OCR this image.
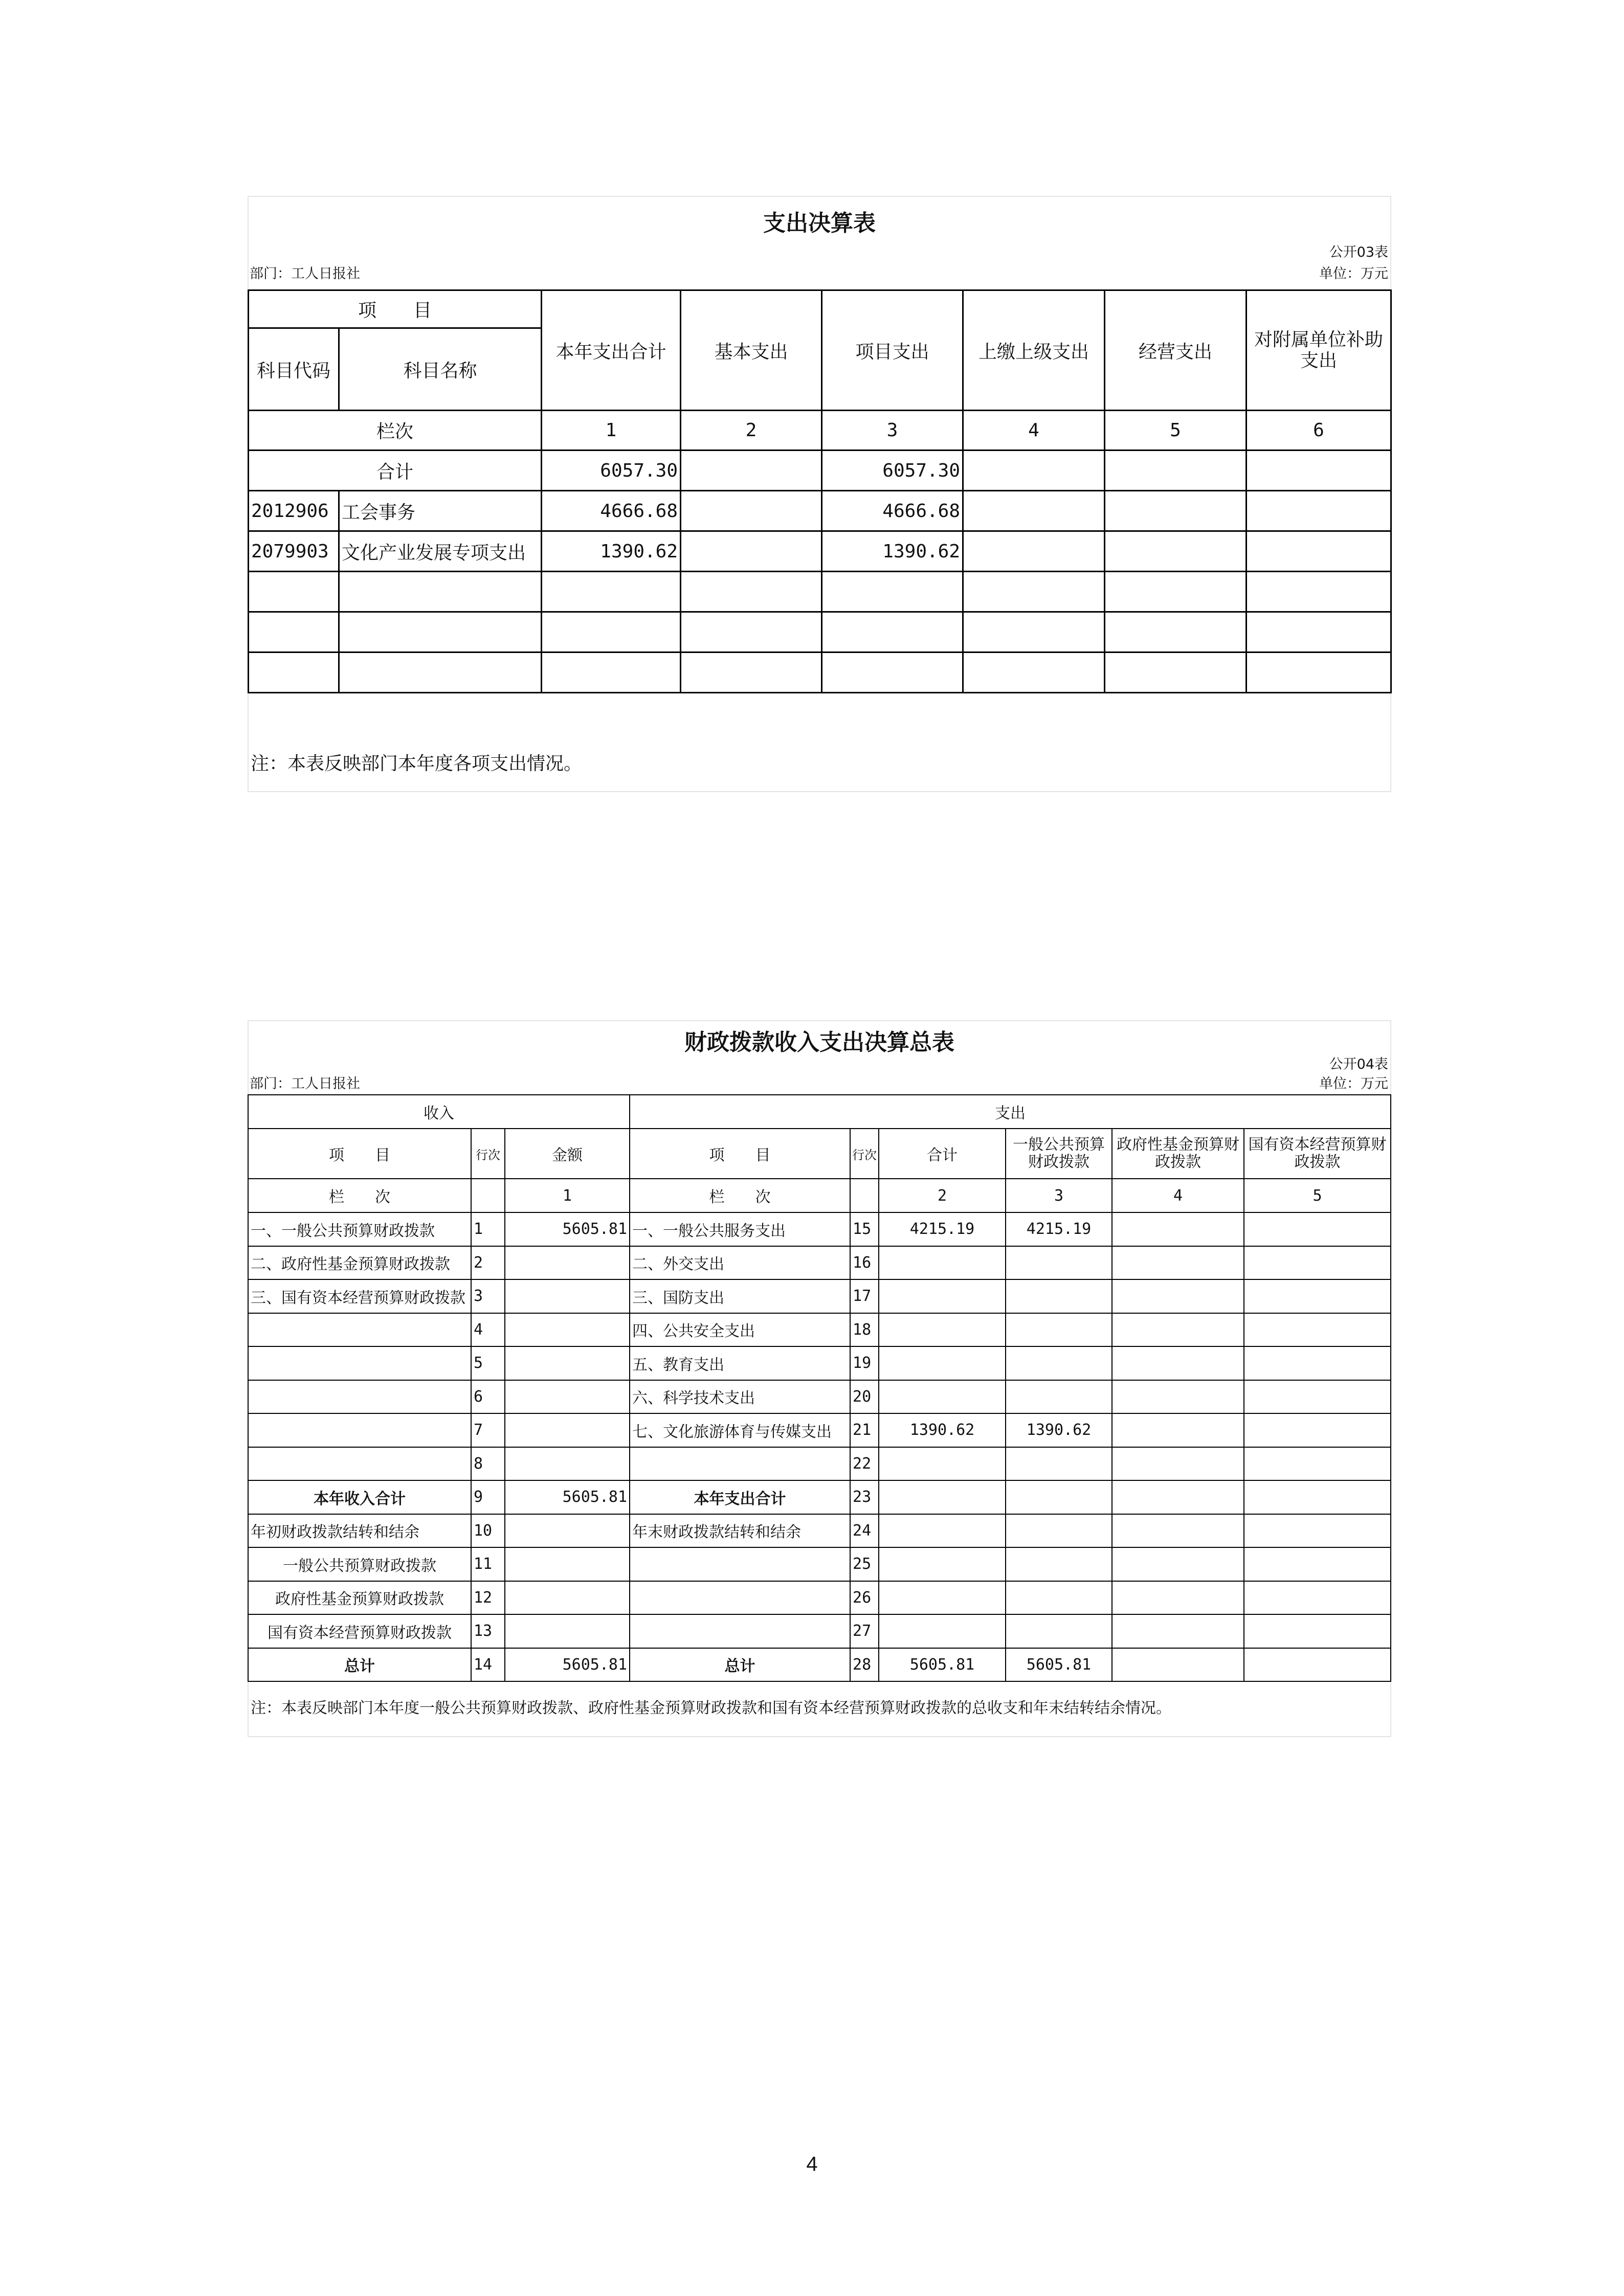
支出决算表
公开03表
部门：工人日报社	单位：万元
项　　目		本年支出合计	基本支出	项目支出	上缴上级支出	经营支出	对附属单位补助支出
科目代码	科目名称						
栏次		1	2	3	4	5	6
合计		6057.30		6057.30			
2012906	工会事务	4666.68		4666.68			
2079903	文化产业发展专项支出	1390.62		1390.62			

注：本表反映部门本年度各项支出情况。
财政拨款收入支出决算总表
公开04表
部门：工人日报社	单位：万元
收入			支出					
项　　目	行次	金额	项　　目	行次	合计	一般公共预算财政拨款	政府性基金预算财政拨款	国有资本经营预算财政拨款
栏　　次		1	栏　　次		2	3	4	5
一、一般公共预算财政拨款	1	5605.81	一、一般公共服务支出	15	4215.19	4215.19		
二、政府性基金预算财政拨款	2		二、外交支出	16				
三、国有资本经营预算财政拨款	3		三、国防支出	17				
	4		四、公共安全支出	18				
	5		五、教育支出	19				
	6		六、科学技术支出	20				
	7		七、文化旅游体育与传媒支出	21	1390.62	1390.62		
	8			22				
本年收入合计	9	5605.81	本年支出合计	23				
年初财政拨款结转和结余	10		年末财政拨款结转和结余	24				
一般公共预算财政拨款	11			25				
政府性基金预算财政拨款	12			26				
国有资本经营预算财政拨款	13			27				
总计	14	5605.81	总计	28	5605.81	5605.81		
注：本表反映部门本年度一般公共预算财政拨款、政府性基金预算财政拨款和国有资本经营预算财政拨款的总收支和年末结转结余情况。
4
